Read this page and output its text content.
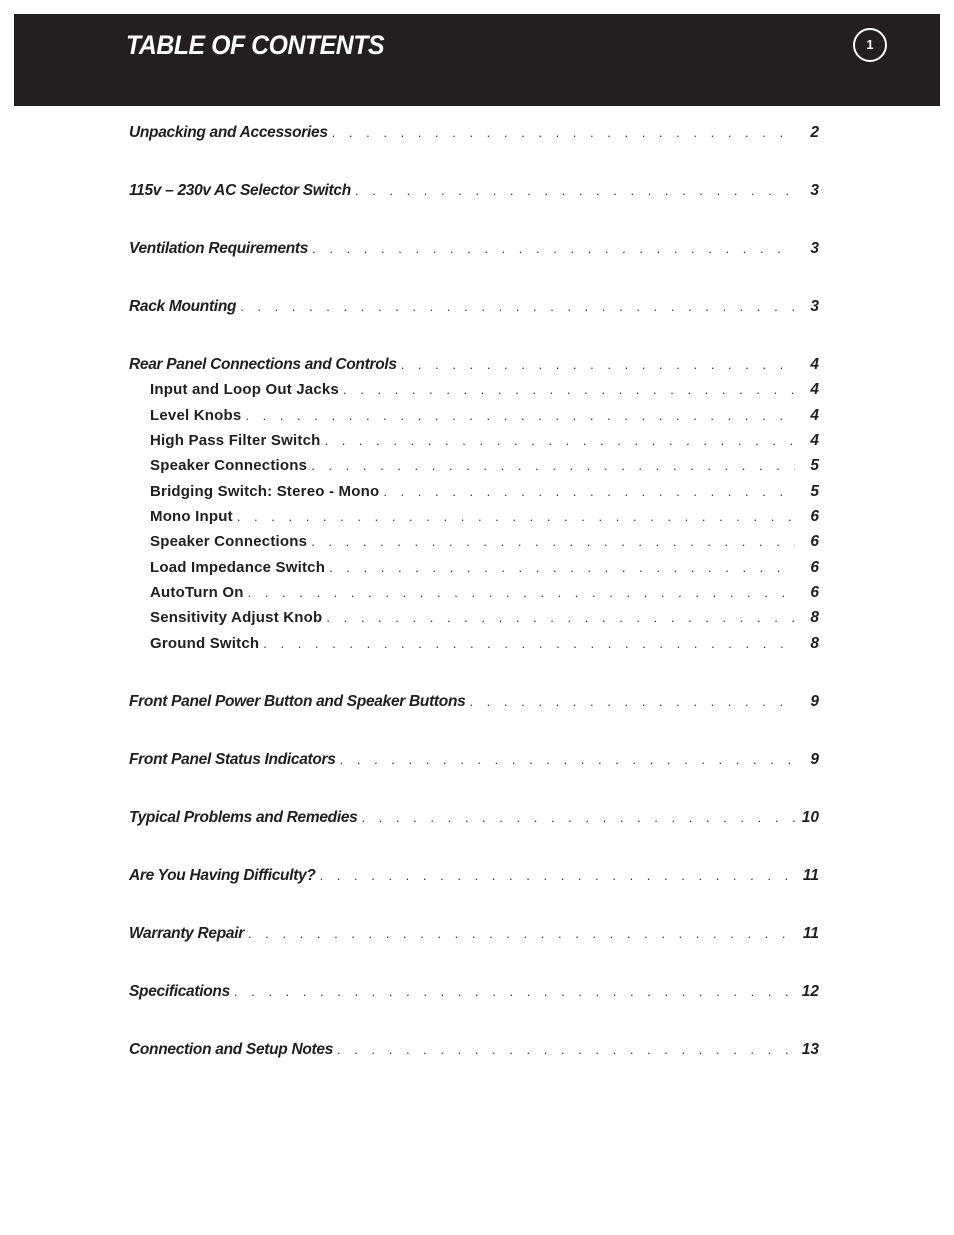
TABLE OF CONTENTS	1
Unpacking and Accessories . . .	2
115v – 230v AC Selector Switch . . .	3
Ventilation Requirements . . .	3
Rack Mounting . . .	3
Rear Panel Connections and Controls . . .	4
Input and Loop Out Jacks . . .	4
Level Knobs . . .	4
High Pass Filter Switch . . .	4
Speaker Connections . . .	5
Bridging Switch: Stereo - Mono . . .	5
Mono Input . . .	6
Speaker Connections . . .	6
Load Impedance Switch . . .	6
AutoTurn On . . .	6
Sensitivity Adjust Knob . . .	8
Ground Switch . . .	8
Front Panel Power Button and Speaker Buttons . . .	9
Front Panel Status Indicators . . .	9
Typical Problems and Remedies . . .	10
Are You Having Difficulty? . . .	11
Warranty Repair . . .	11
Specifications . . .	12
Connection and Setup Notes . . .	13
